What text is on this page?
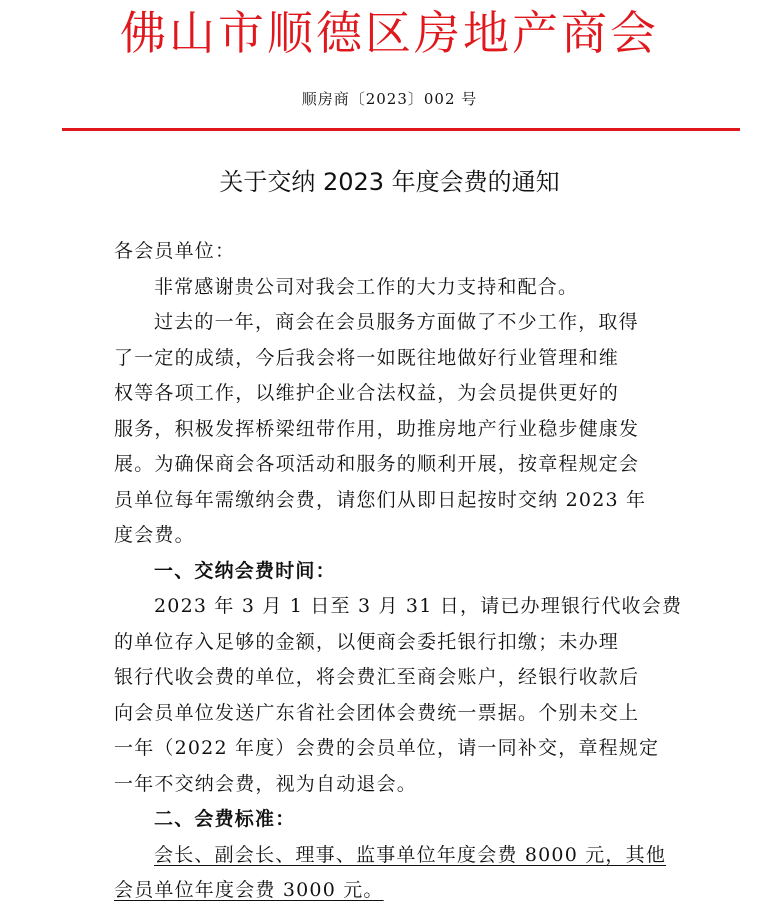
佛山市顺德区房地产商会
顺房商〔2023〕002 号
关于交纳 2023 年度会费的通知
各会员单位：
非常感谢贵公司对我会工作的大力支持和配合。
过去的一年，商会在会员服务方面做了不少工作，取得
了一定的成绩，今后我会将一如既往地做好行业管理和维
权等各项工作，以维护企业合法权益，为会员提供更好的
服务，积极发挥桥梁纽带作用，助推房地产行业稳步健康发
展。为确保商会各项活动和服务的顺利开展，按章程规定会
员单位每年需缴纳会费，请您们从即日起按时交纳 2023 年
度会费。
一、交纳会费时间：
2023 年 3 月 1 日至 3 月 31 日，请已办理银行代收会费
的单位存入足够的金额，以便商会委托银行扣缴；未办理
银行代收会费的单位，将会费汇至商会账户，经银行收款后
向会员单位发送广东省社会团体会费统一票据。个别未交上
一年（2022 年度）会费的会员单位，请一同补交，章程规定
一年不交纳会费，视为自动退会。
二、会费标准：
会长、副会长、理事、监事单位年度会费 8000 元，其他
会员单位年度会费 3000 元。
